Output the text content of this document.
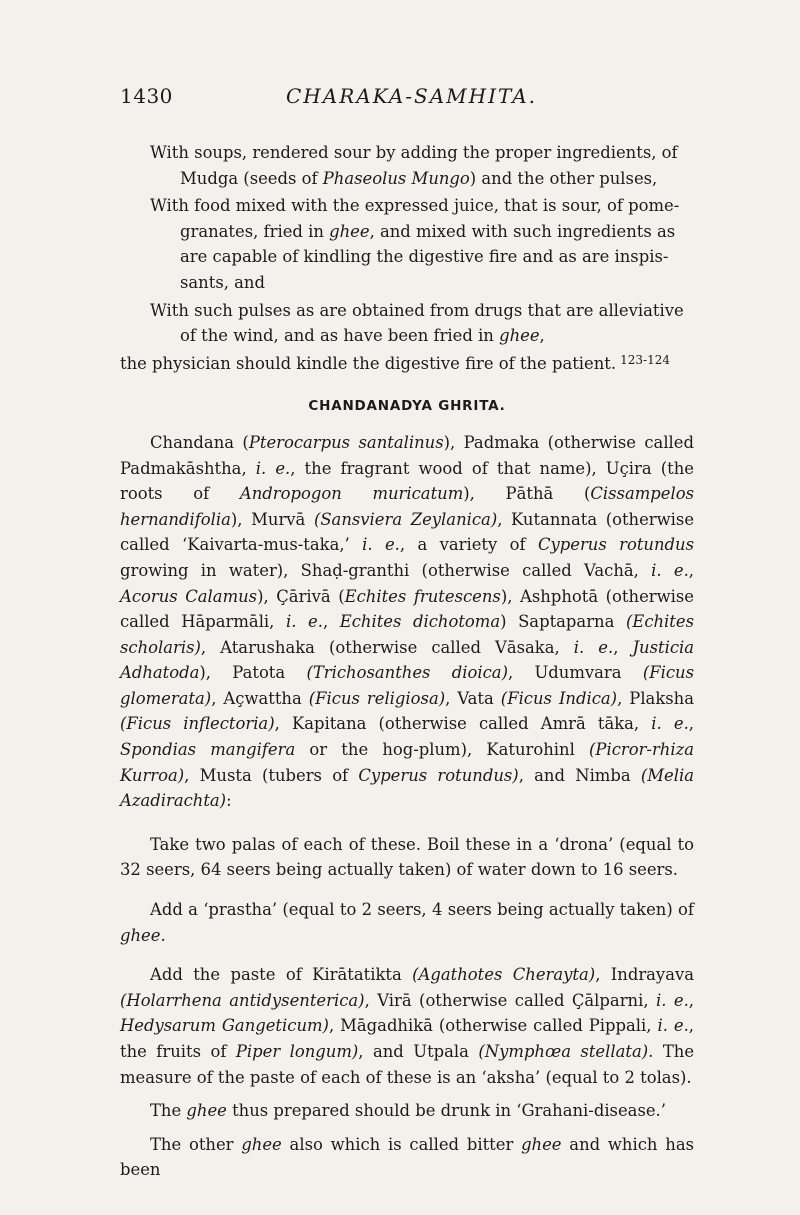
1430	CHARAKA-SAMHITA.

With soups, rendered sour by adding the proper ingredients, of Mudga (seeds of Phaseolus Mungo) and the other pulses,

With food mixed with the expressed juice, that is sour, of pome-granates, fried in ghee, and mixed with such ingredients as are capable of kindling the digestive fire and as are inspis-sants, and

With such pulses as are obtained from drugs that are alleviative of the wind, and as have been fried in ghee,

the physician should kindle the digestive fire of the patient. $^{123-124}$

CHANDANADYA GHRITA.

Chandana (Pterocarpus santalinus), Padmaka (otherwise called Padmakāshtha, i. e., the fragrant wood of that name), Uçira (the roots of Andropogon muricatum), Pāthā (Cissampelos hernandifolia), Murvā (Sansviera Zeylanica), Kutannata (otherwise called ‘Kaivarta-mus-taka,’ i. e., a variety of Cyperus rotundus growing in water), Shaḍ-granthi (otherwise called Vachā, i. e., Acorus Calamus), Çārivā (Echites frutescens), Ashphotā (otherwise called Hāparmāli, i. e., Echites dichotoma) Saptaparna (Echites scholaris), Atarushaka (otherwise called Vāsaka, i. e., Justicia Adhatoda), Patota (Trichosanthes dioica), Udumvara (Ficus glomerata), Açwattha (Ficus religiosa), Vata (Ficus Indica), Plaksha (Ficus inflectoria), Kapitana (otherwise called Amrā tāka, i. e., Spondias mangifera or the hog-plum), Katurohinl (Picror-rhiza Kurroa), Musta (tubers of Cyperus rotundus), and Nimba (Melia Azadirachta):

Take two palas of each of these. Boil these in a ‘drona’ (equal to 32 seers, 64 seers being actually taken) of water down to 16 seers.

Add a ‘prastha’ (equal to 2 seers, 4 seers being actually taken) of ghee.

Add the paste of Kirātatikta (Agathotes Cherayta), Indrayava (Holarrhena antidysenterica), Virā (otherwise called Çālparni, i. e., Hedysarum Gangeticum), Māgadhikā (otherwise called Pippali, i. e., the fruits of Piper longum), and Utpala (Nymphœa stellata). The measure of the paste of each of these is an ‘aksha’ (equal to 2 tolas).

The ghee thus prepared should be drunk in ‘Grahani-disease.’

The other ghee also which is called bitter ghee and which has been
